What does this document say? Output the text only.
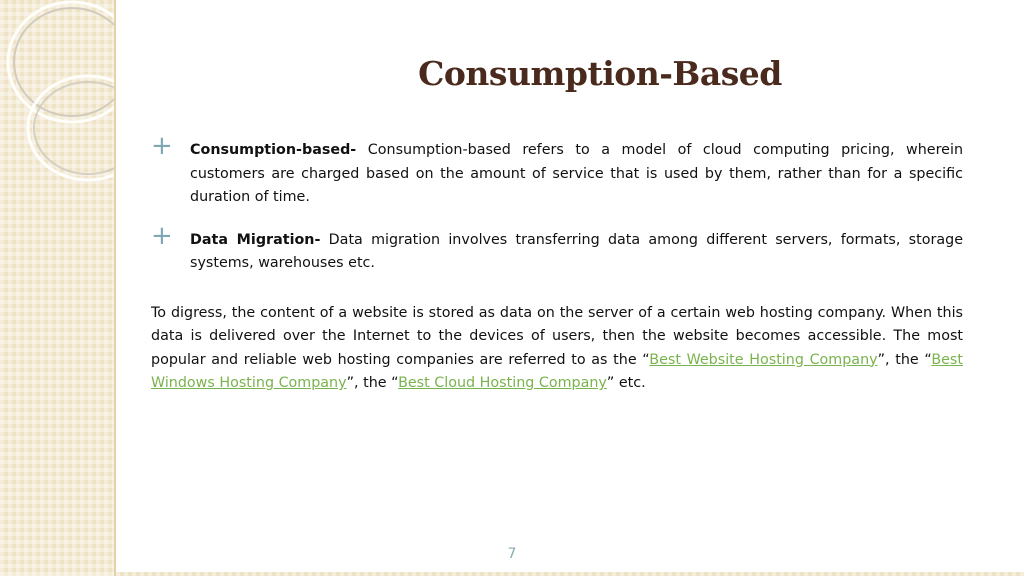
Consumption-Based
+ Consumption-based- Consumption-based refers to a model of cloud computing pricing, wherein customers are charged based on the amount of service that is used by them, rather than for a specific duration of time.
+ Data Migration- Data migration involves transferring data among different servers, formats, storage systems, warehouses etc.

To digress, the content of a website is stored as data on the server of a certain web hosting company. When this data is delivered over the Internet to the devices of users, then the website becomes accessible. The most popular and reliable web hosting companies are referred to as the “Best Website Hosting Company”, the “Best Windows Hosting Company”, the “Best Cloud Hosting Company” etc.

7
